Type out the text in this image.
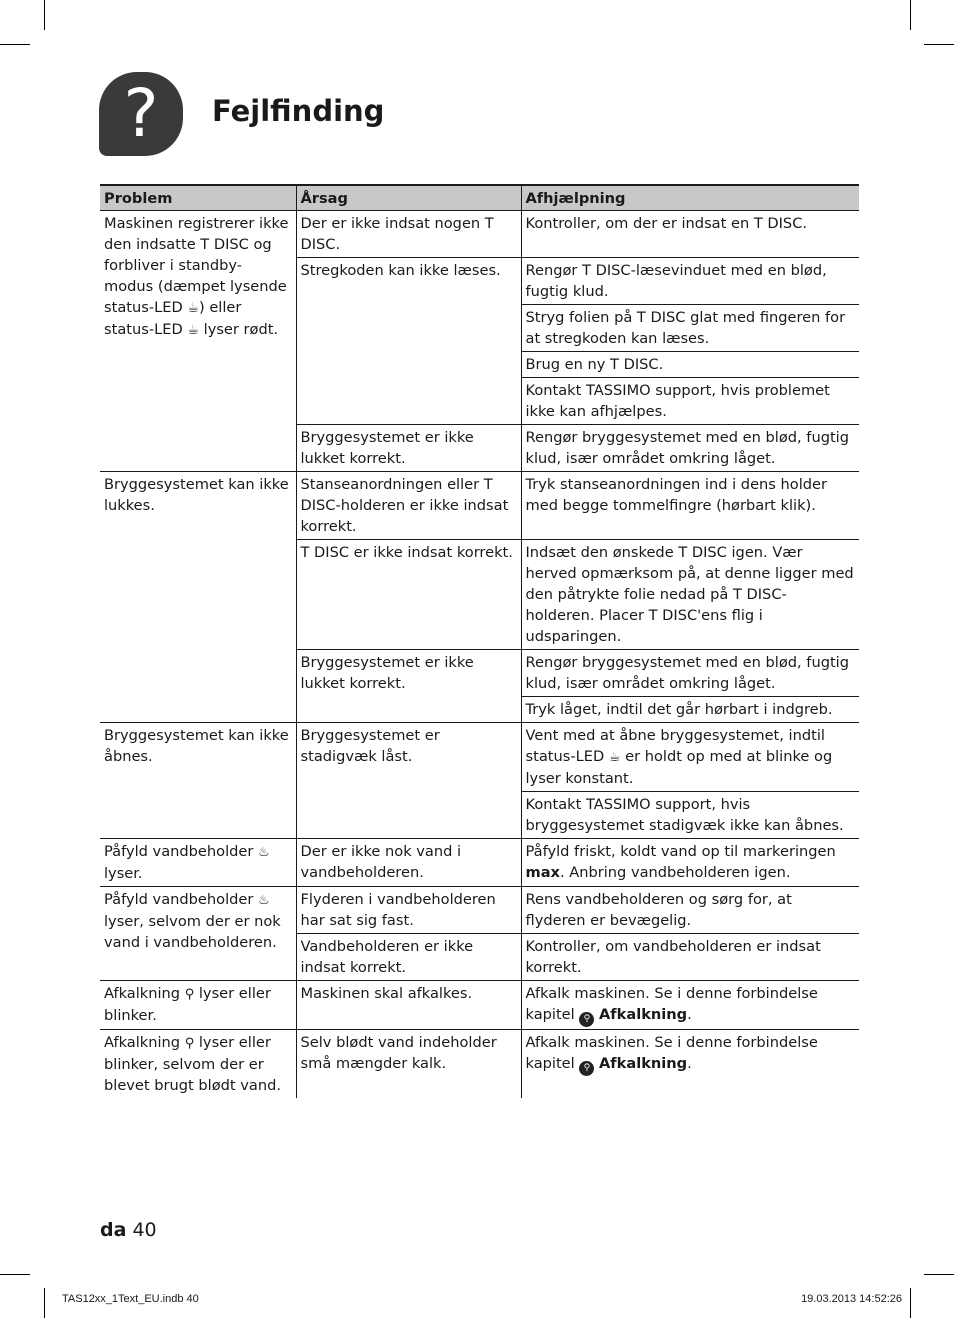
? Fejlfinding
Problem	Årsag	Afhjælpning
Maskinen registrerer ikke den indsatte T DISC og forbliver i standby-modus (dæmpet lysende status-LED ☕) eller status-LED ☕ lyser rødt.	Der er ikke indsat nogen T DISC.	Kontroller, om der er indsat en T DISC.
	Stregkoden kan ikke læses.	Rengør T DISC-læsevinduet med en blød, fugtig klud.
		Stryg folien på T DISC glat med fingeren for at stregkoden kan læses.
		Brug en ny T DISC.
		Kontakt TASSIMO support, hvis problemet ikke kan afhjælpes.
	Bryggesystemet er ikke lukket korrekt.	Rengør bryggesystemet med en blød, fugtig klud, især området omkring låget.
Bryggesystemet kan ikke lukkes.	Stanseanordningen eller T DISC-holderen er ikke indsat korrekt.	Tryk stanseanordningen ind i dens holder med begge tommelfingre (hørbart klik).
	T DISC er ikke indsat korrekt.	Indsæt den ønskede T DISC igen. Vær herved opmærksom på, at denne ligger med den påtrykte folie nedad på T DISC-holderen. Placer T DISC'ens flig i udsparingen.
	Bryggesystemet er ikke lukket korrekt.	Rengør bryggesystemet med en blød, fugtig klud, især området omkring låget.
		Tryk låget, indtil det går hørbart i indgreb.
Bryggesystemet kan ikke åbnes.	Bryggesystemet er stadigvæk låst.	Vent med at åbne bryggesystemet, indtil status-LED ☕ er holdt op med at blinke og lyser konstant.
		Kontakt TASSIMO support, hvis bryggesystemet stadigvæk ikke kan åbnes.
Påfyld vandbeholder ♨ lyser.	Der er ikke nok vand i vandbeholderen.	Påfyld friskt, koldt vand op til markeringen max. Anbring vandbeholderen igen.
Påfyld vandbeholder ♨ lyser, selvom der er nok vand i vandbeholderen.	Flyderen i vandbeholderen har sat sig fast.	Rens vandbeholderen og sørg for, at flyderen er bevægelig.
	Vandbeholderen er ikke indsat korrekt.	Kontroller, om vandbeholderen er indsat korrekt.
Afkalkning ⚲ lyser eller blinker.	Maskinen skal afkalkes.	Afkalk maskinen. Se i denne forbindelse kapitel ⚲ Afkalkning.
Afkalkning ⚲ lyser eller blinker, selvom der er blevet brugt blødt vand.	Selv blødt vand indeholder små mængder kalk.	Afkalk maskinen. Se i denne forbindelse kapitel ⚲ Afkalkning.
da 40
TAS12xx_1Text_EU.indb 40	19.03.2013 14:52:26
